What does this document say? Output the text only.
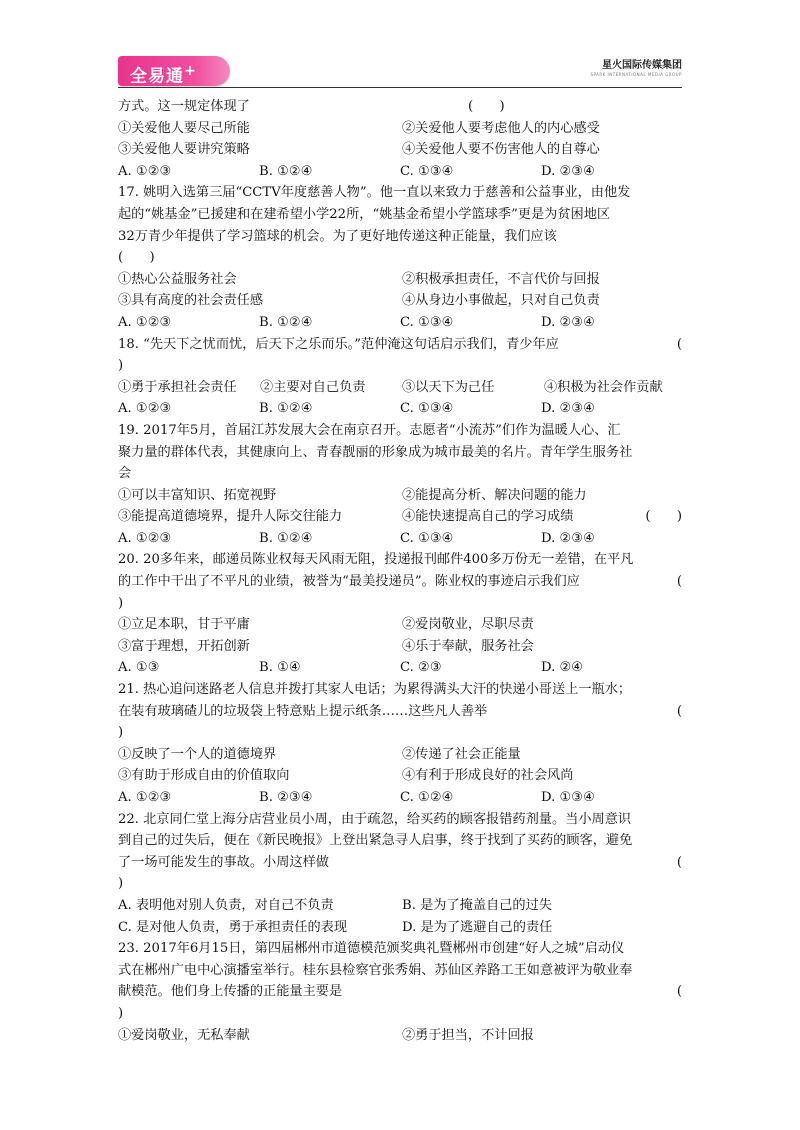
全易通+	星火国际传媒集团
SPARK INTERNATIONAL MEDIA GROUP
方式。这一规定体现了	(　　)
①关爱他人要尽己所能	②关爱他人要考虑他人的内心感受
③关爱他人要讲究策略	④关爱他人要不伤害他人的自尊心
A. ①②③	B. ①②④	C. ①③④	D. ②③④
17. 姚明入选第三届“CCTV年度慈善人物”。他一直以来致力于慈善和公益事业，由他发
起的“姚基金”已援建和在建希望小学22所，“姚基金希望小学篮球季”更是为贫困地区
32万青少年提供了学习篮球的机会。为了更好地传递这种正能量，我们应该
(　　)
①热心公益服务社会	②积极承担责任，不言代价与回报
③具有高度的社会责任感	④从身边小事做起，只对自己负责
A. ①②③	B. ①②④	C. ①③④	D. ②③④
18. “先天下之忧而忧，后天下之乐而乐。”范仲淹这句话启示我们，青少年应	(
)
①勇于承担社会责任	②主要对自己负责	③以天下为己任	④积极为社会作贡献
A. ①②③	B. ①②④	C. ①③④	D. ②③④
19. 2017年5月，首届江苏发展大会在南京召开。志愿者“小流苏”们作为温暖人心、汇
聚力量的群体代表，其健康向上、青春靓丽的形象成为城市最美的名片。青年学生服务社
会
①可以丰富知识、拓宽视野	②能提高分析、解决问题的能力
③能提高道德境界，提升人际交往能力	④能快速提高自己的学习成绩	(　　)
A. ①②③	B. ①②④	C. ①③④	D. ②③④
20. 20多年来，邮递员陈业权每天风雨无阻，投递报刊邮件400多万份无一差错，在平凡
的工作中干出了不平凡的业绩，被誉为“最美投递员”。陈业权的事迹启示我们应	(
)
①立足本职，甘于平庸	②爱岗敬业，尽职尽责
③富于理想，开拓创新	④乐于奉献，服务社会
A. ①③	B. ①④	C. ②③	D. ②④
21. 热心追问迷路老人信息并拨打其家人电话；为累得满头大汗的快递小哥送上一瓶水；
在装有玻璃碴儿的垃圾袋上特意贴上提示纸条……这些凡人善举	(
)
①反映了一个人的道德境界	②传递了社会正能量
③有助于形成自由的价值取向	④有利于形成良好的社会风尚
A. ①②③	B. ②③④	C. ①②④	D. ①③④
22. 北京同仁堂上海分店营业员小周，由于疏忽，给买药的顾客报错药剂量。当小周意识
到自己的过失后，便在《新民晚报》上登出紧急寻人启事，终于找到了买药的顾客，避免
了一场可能发生的事故。小周这样做	(
)
A. 表明他对别人负责，对自己不负责	B. 是为了掩盖自己的过失
C. 是对他人负责，勇于承担责任的表现	D. 是为了逃避自己的责任
23. 2017年6月15日，第四届郴州市道德模范颁奖典礼暨郴州市创建“好人之城”启动仪
式在郴州广电中心演播室举行。桂东县检察官张秀娟、苏仙区养路工王如意被评为敬业奉
献模范。他们身上传播的正能量主要是	(
)
①爱岗敬业，无私奉献	②勇于担当，不计回报
